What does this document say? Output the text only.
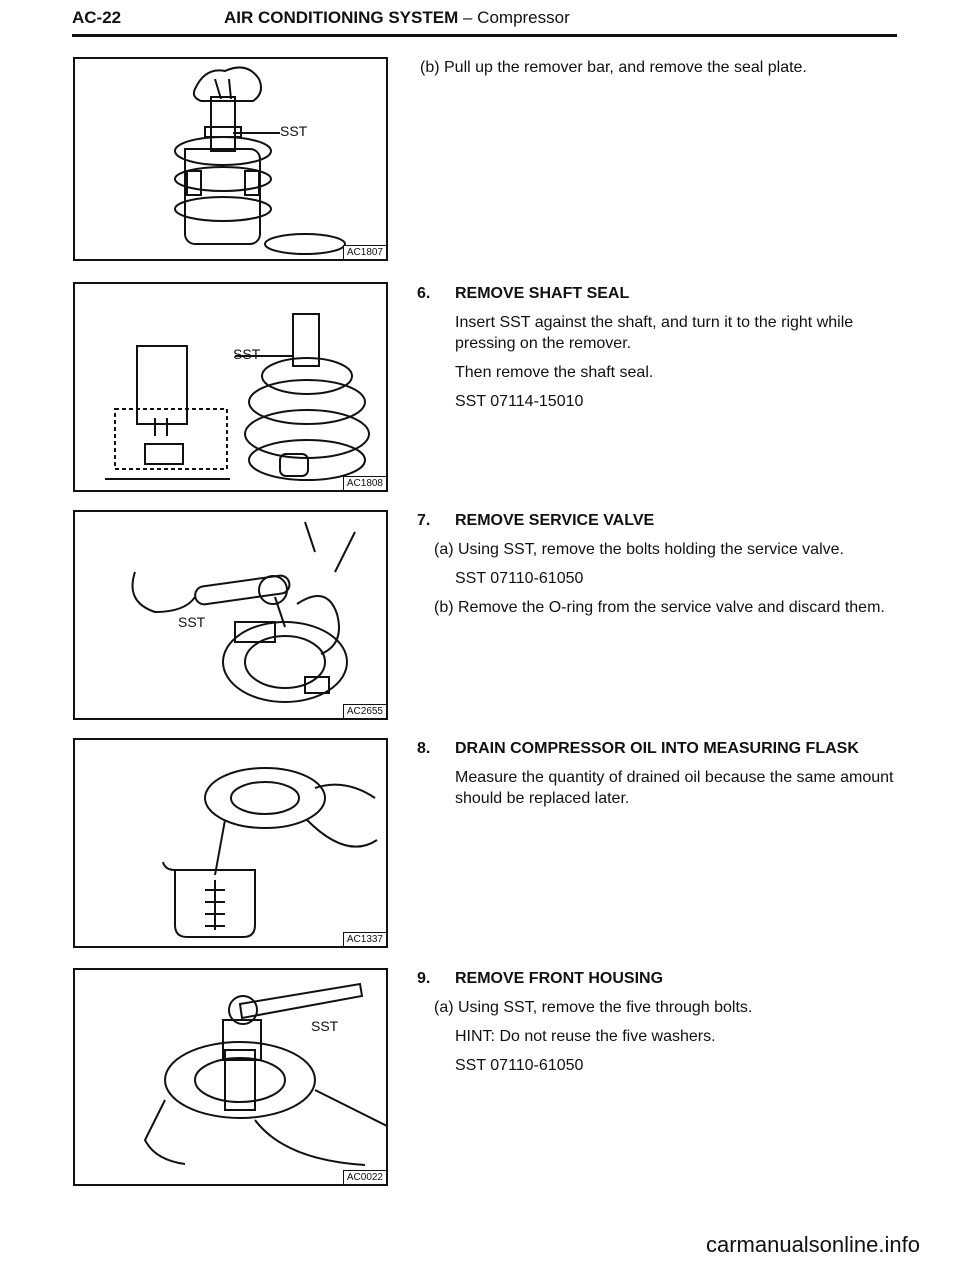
AC-22	AIR CONDITIONING SYSTEM – Compressor
SST
AC1807
SST
AC1808
SST
AC2655
AC1337
SST
AC0022

(b) Pull up the remover bar, and remove the seal plate.

6. REMOVE SHAFT SEAL

Insert SST against the shaft, and turn it to the right while pressing on the remover.

Then remove the shaft seal.

SST 07114-15010

7. REMOVE SERVICE VALVE

(a) Using SST, remove the bolts holding the service valve.

SST 07110-61050

(b) Remove the O-ring from the service valve and discard them.

8. DRAIN COMPRESSOR OIL INTO MEASURING FLASK

Measure the quantity of drained oil because the same amount should be replaced later.

9. REMOVE FRONT HOUSING

(a) Using SST, remove the five through bolts.

HINT: Do not reuse the five washers.

SST 07110-61050

carmanualsonline.info
